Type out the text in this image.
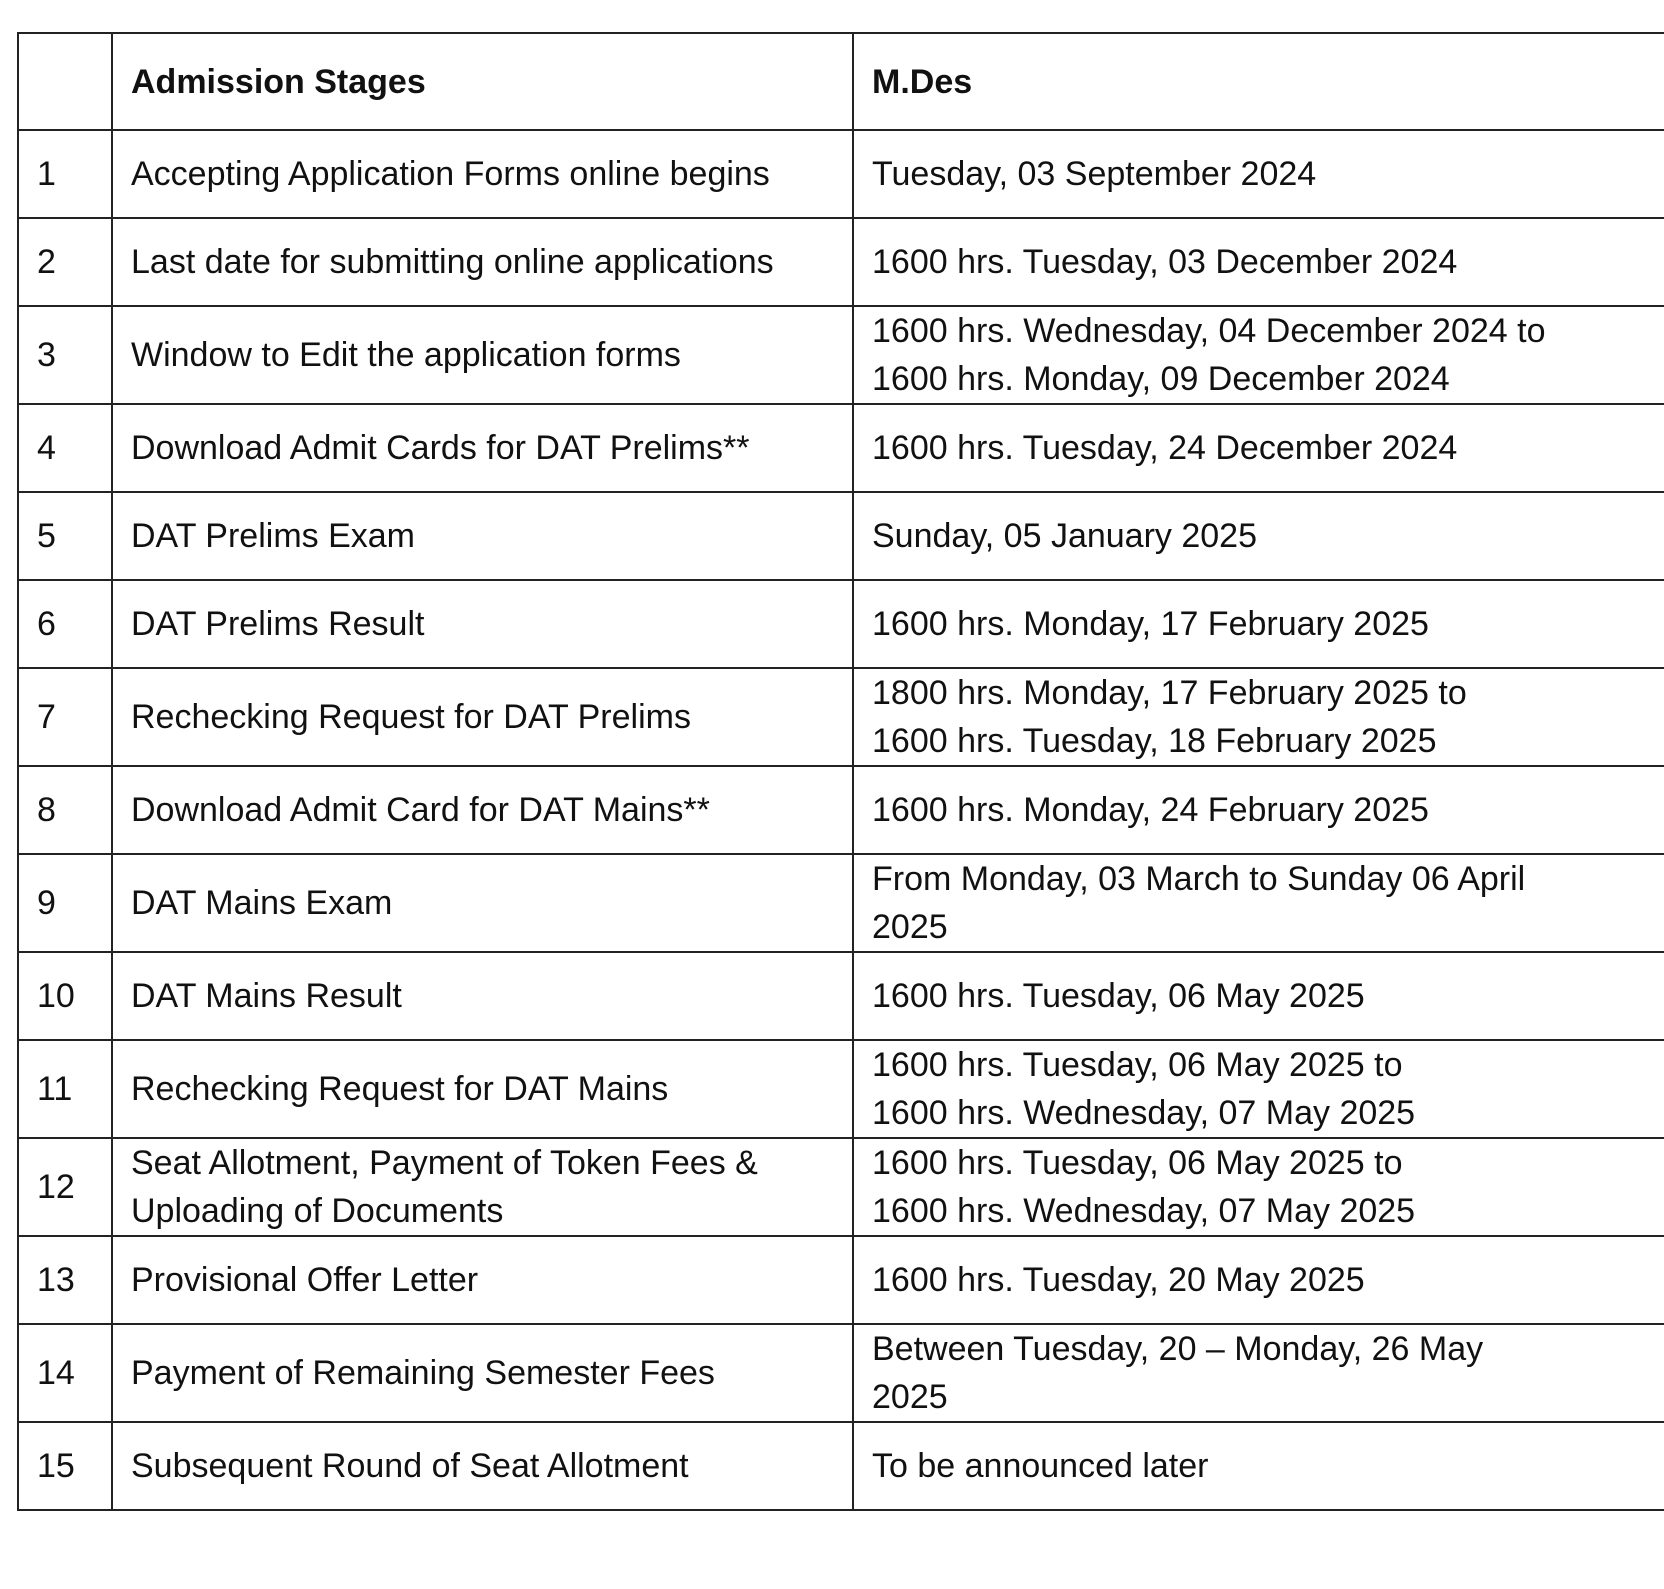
	Admission Stages	M.Des
1	Accepting Application Forms online begins	Tuesday, 03 September 2024

2	Last date for submitting online applications	1600 hrs. Tuesday, 03 December 2024

3	Window to Edit the application forms	1600 hrs. Wednesday, 04 December 2024 to
1600 hrs. Monday, 09 December 2024

4	Download Admit Cards for DAT Prelims**	1600 hrs. Tuesday, 24 December 2024

5	DAT Prelims Exam	Sunday, 05 January 2025

6	DAT Prelims Result	1600 hrs. Monday, 17 February 2025

7	Rechecking Request for DAT Prelims	1800 hrs. Monday, 17 February 2025 to
1600 hrs. Tuesday, 18 February 2025

8	Download Admit Card for DAT Mains**	1600 hrs. Monday, 24 February 2025

9	DAT Mains Exam	From Monday, 03 March to Sunday 06 April
2025

10	DAT Mains Result	1600 hrs. Tuesday, 06 May 2025

11	Rechecking Request for DAT Mains	1600 hrs. Tuesday, 06 May 2025 to
1600 hrs. Wednesday, 07 May 2025

12	Seat Allotment, Payment of Token Fees &
Uploading of Documents	1600 hrs. Tuesday, 06 May 2025 to
1600 hrs. Wednesday, 07 May 2025

13	Provisional Offer Letter	1600 hrs. Tuesday, 20 May 2025

14	Payment of Remaining Semester Fees	Between Tuesday, 20 – Monday, 26 May
2025

15	Subsequent Round of Seat Allotment	To be announced later
